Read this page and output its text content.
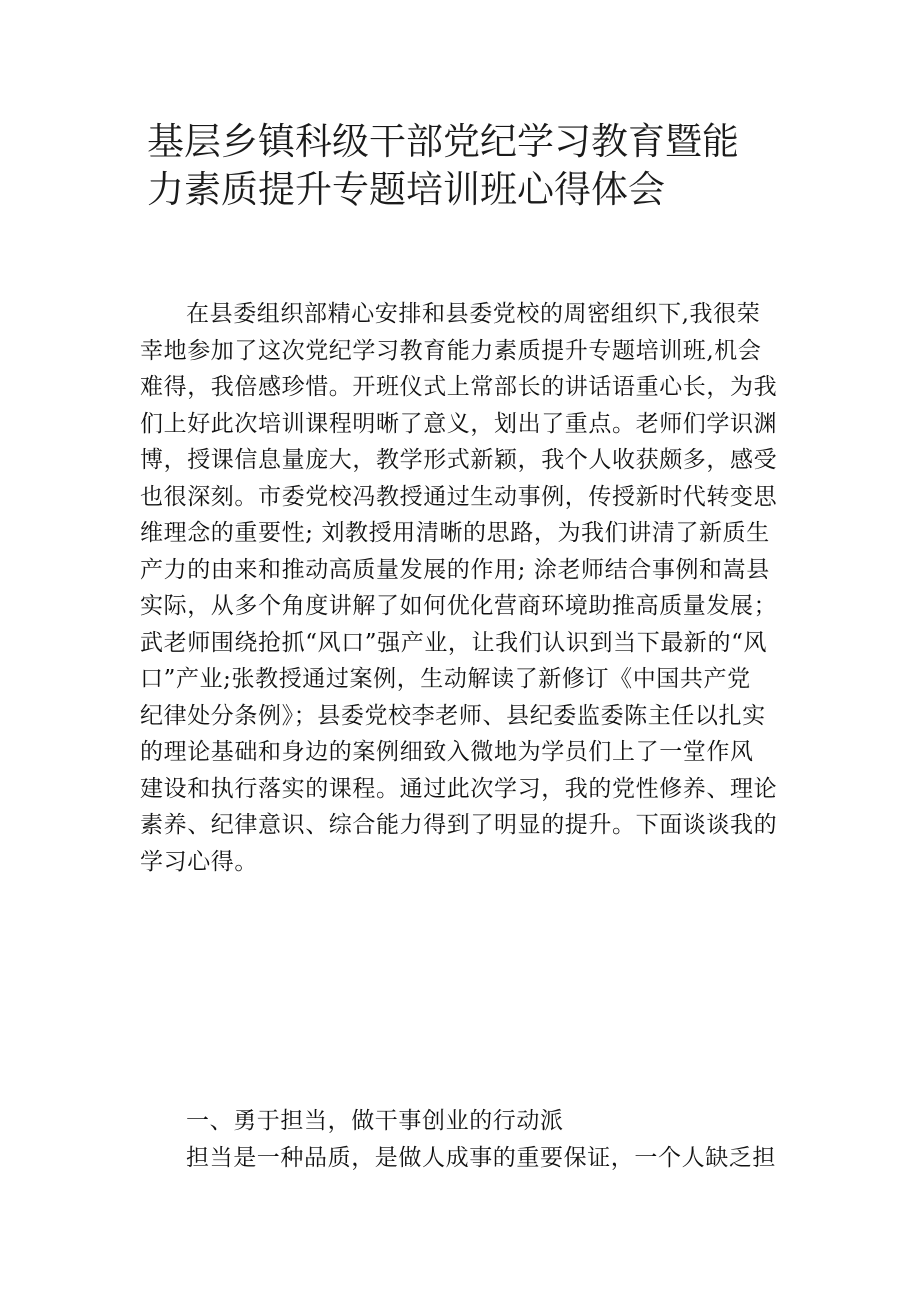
基层乡镇科级干部党纪学习教育暨能
力素质提升专题培训班心得体会
在县委组织部精心安排和县委党校的周密组织下,我很荣
幸地参加了这次党纪学习教育能力素质提升专题培训班,机会
难得，我倍感珍惜。开班仪式上常部长的讲话语重心长，为我
们上好此次培训课程明晰了意义，划出了重点。老师们学识渊
博，授课信息量庞大，教学形式新颖，我个人收获颇多，感受
也很深刻。市委党校冯教授通过生动事例，传授新时代转变思
维理念的重要性; 刘教授用清晰的思路，为我们讲清了新质生
产力的由来和推动高质量发展的作用; 涂老师结合事例和嵩县
实际，从多个角度讲解了如何优化营商环境助推高质量发展；
武老师围绕抢抓“风口”强产业，让我们认识到当下最新的“风
口”产业;张教授通过案例，生动解读了新修订《中国共产党
纪律处分条例》；县委党校李老师、县纪委监委陈主任以扎实
的理论基础和身边的案例细致入微地为学员们上了一堂作风
建设和执行落实的课程。通过此次学习，我的党性修养、理论
素养、纪律意识、综合能力得到了明显的提升。下面谈谈我的
学习心得。
一、勇于担当，做干事创业的行动派
担当是一种品质，是做人成事的重要保证，一个人缺乏担
